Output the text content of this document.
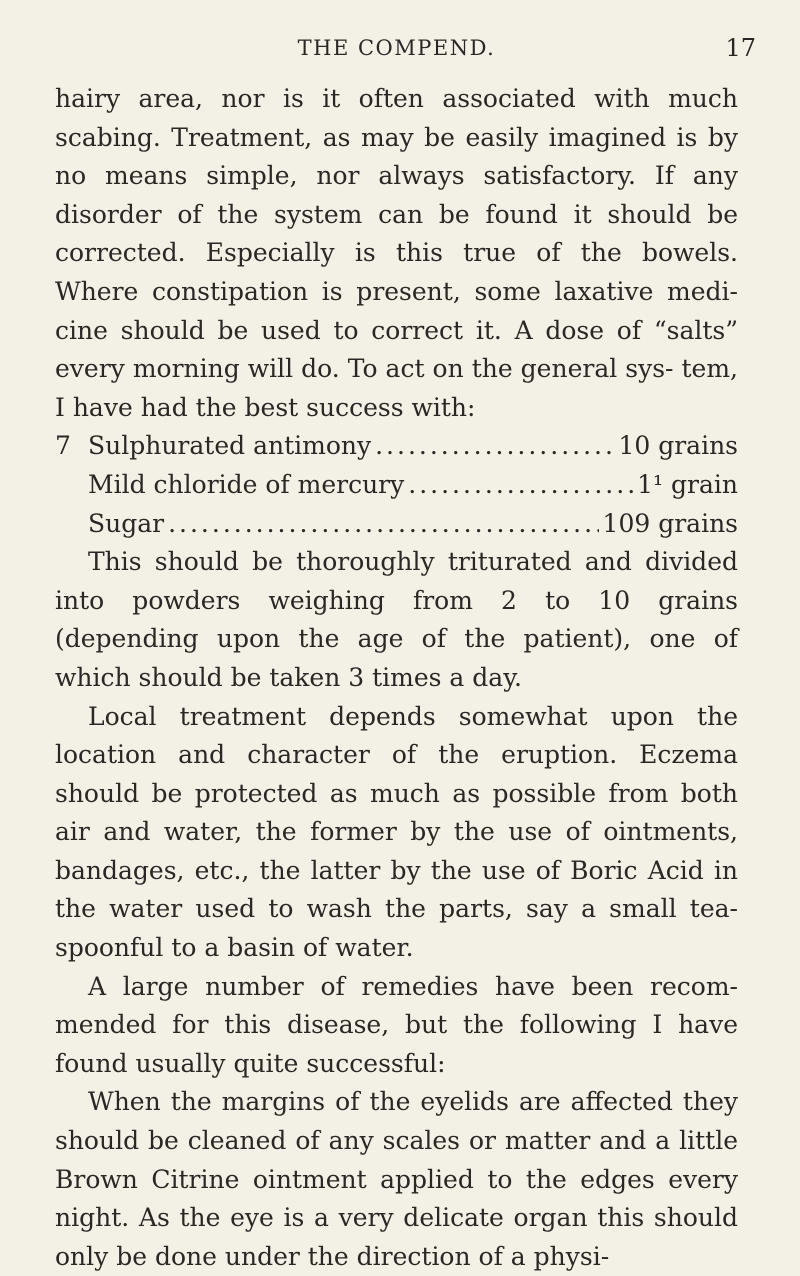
THE COMPEND.	17

hairy area, nor is it often associated with much scabing. Treatment, as may be easily imagined is by no means simple, nor always satisfactory. If any disorder of the system can be found it should be corrected. Especially is this true of the bowels. Where constipation is present, some laxative medi- cine should be used to correct it. A dose of “salts” every morning will do. To act on the general sys- tem, I have had the best success with:

7 Sulphurated antimony .....	10 grains
Mild chloride of mercury .....	1¹ grain
Sugar .....	109 grains

This should be thoroughly triturated and divided into powders weighing from 2 to 10 grains (depending upon the age of the patient), one of which should be taken 3 times a day.

Local treatment depends somewhat upon the location and character of the eruption. Eczema should be protected as much as possible from both air and water, the former by the use of ointments, bandages, etc., the latter by the use of Boric Acid in the water used to wash the parts, say a small tea- spoonful to a basin of water.

A large number of remedies have been recom- mended for this disease, but the following I have found usually quite successful:

When the margins of the eyelids are affected they should be cleaned of any scales or matter and a little Brown Citrine ointment applied to the edges every night. As the eye is a very delicate organ this should only be done under the direction of a physi-
